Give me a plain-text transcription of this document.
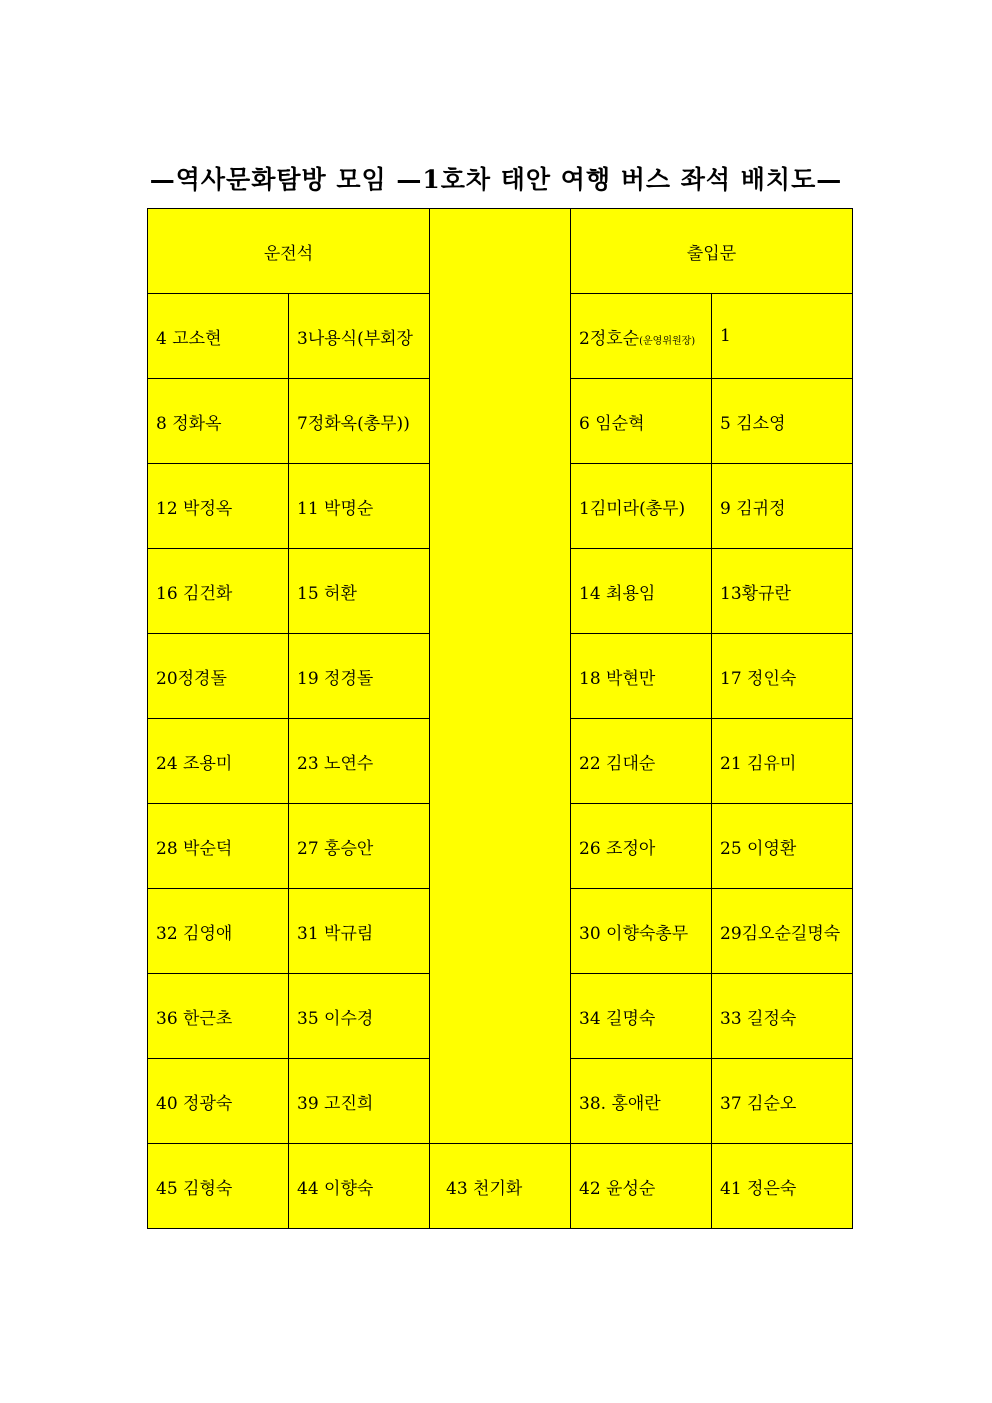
—역사문화탐방 모임 —1호차 태안 여행 버스 좌석 배치도—
운전석			출입문	
4 고소현	3나용식(부회장		2정호순(운영위원장)	1
8 정화옥	7정화옥(총무))		6 임순혁	5 김소영
12 박정옥	11 박명순		1김미라(총무)	9 김귀정
16 김건화	15 허환		14 최용임	13황규란
20정경돌	19 정경돌		18 박현만	17 정인숙
24 조용미	23 노연수		22 김대순	21 김유미
28 박순덕	27 홍승안		26 조정아	25 이영환
32 김영애	31 박규림		30 이향숙총무	29김오순길명숙
36 한근초	35 이수경		34 길명숙	33 길정숙
40 정광숙	39 고진희		38. 홍애란	37 김순오
45 김형숙	44 이향숙	43 천기화	42 윤성순	41 정은숙
